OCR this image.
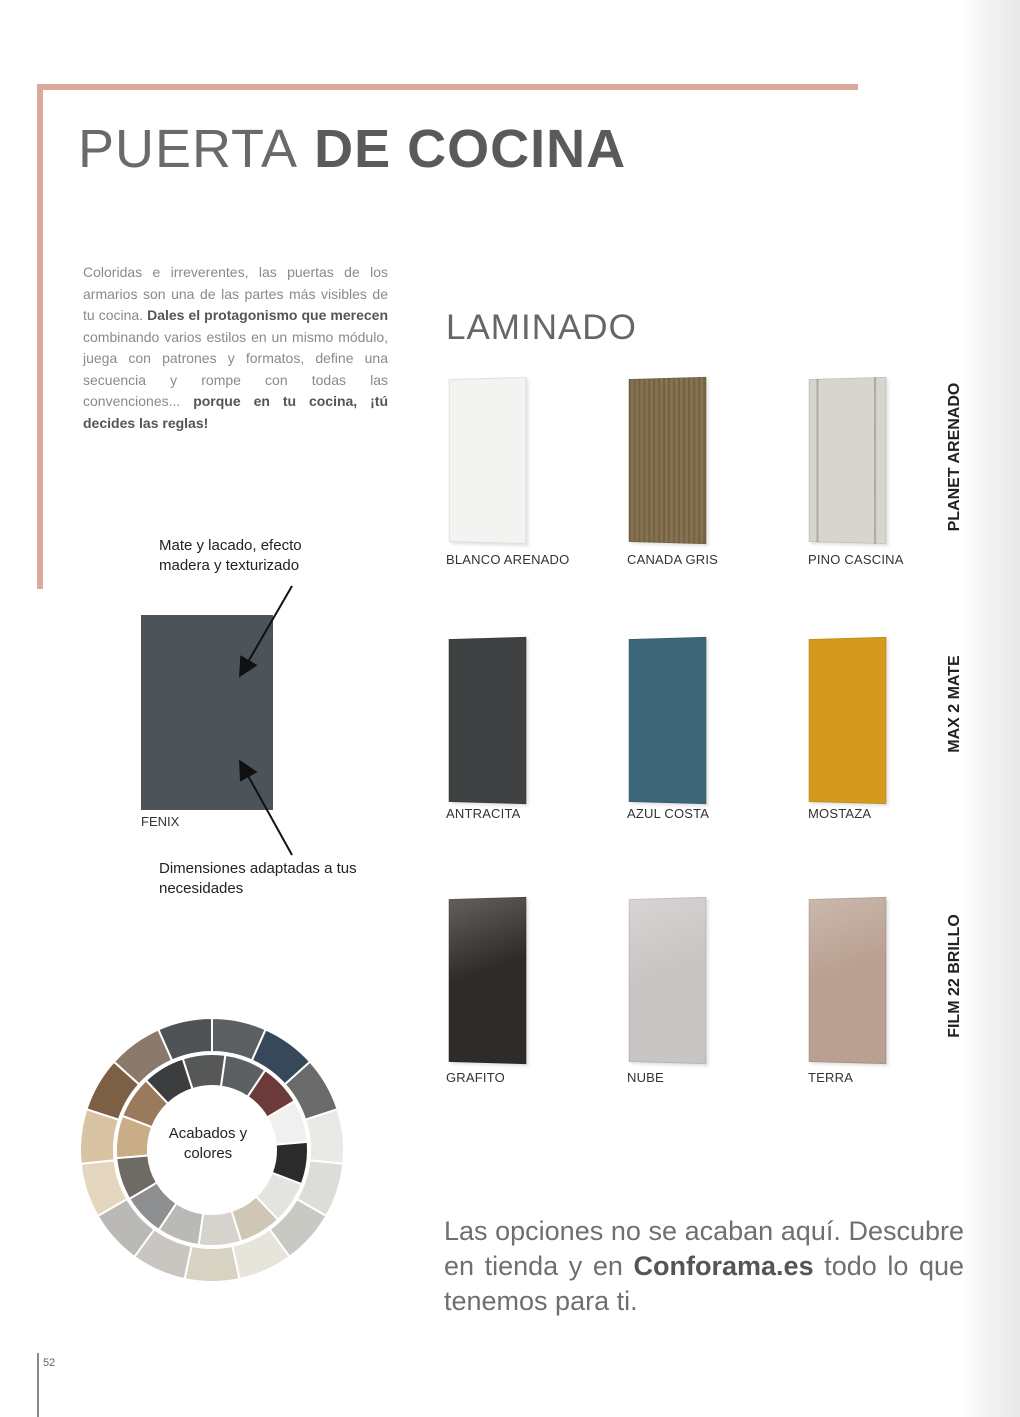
PUERTA DE COCINA

Coloridas e irreverentes, las puertas de los armarios son una de las partes más visibles de tu cocina. Dales el protagonismo que merecen combinando varios estilos en un mismo módulo, juega con patrones y formatos, define una secuencia y rompe con todas las convenciones... porque en tu cocina, ¡tú decides las reglas!

Mate y lacado, efecto madera y texturizado

FENIX

Dimensiones adaptadas a tus necesidades

Acabados y colores
LAMINADO
BLANCO ARENADO	CANADA GRIS	PINO CASCINA
PLANET ARENADO
ANTRACITA	AZUL COSTA	MOSTAZA
MAX 2 MATE
GRAFITO	NUBE	TERRA
FILM 22 BRILLO

Las opciones no se acaban aquí. Descubre en tienda y en Conforama.es todo lo que tenemos para ti.

52
